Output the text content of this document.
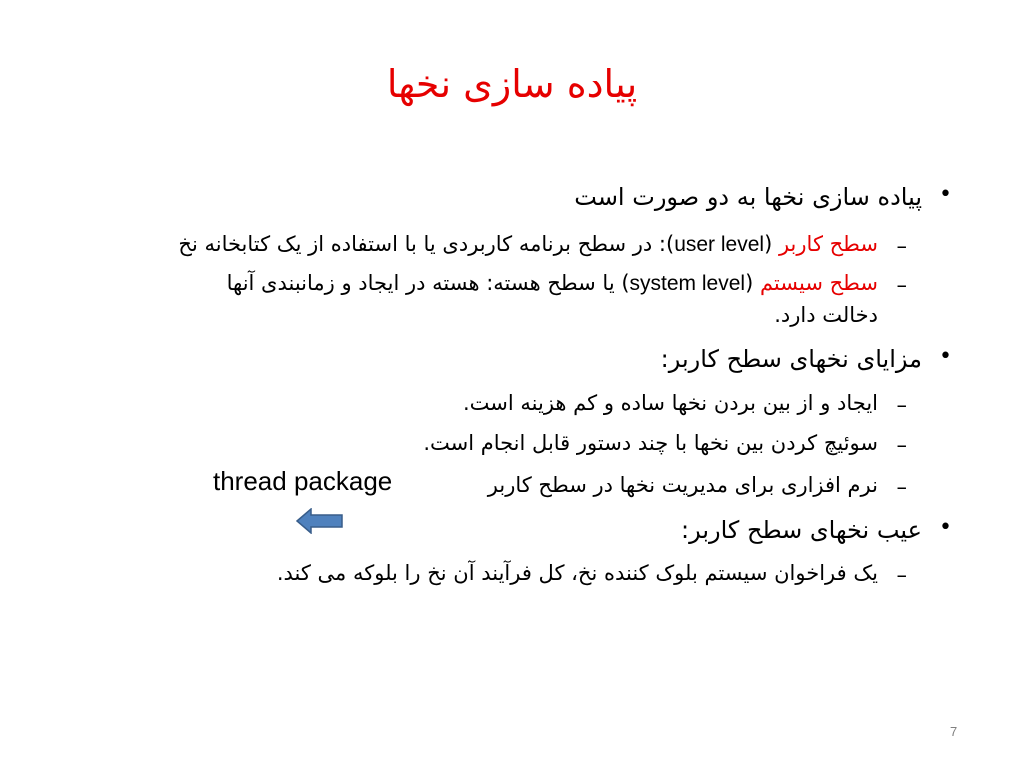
پیاده سازی نخها
•
پیاده سازی نخها به دو صورت است
–
سطح کاربر (user level): در سطح برنامه کاربردی یا با استفاده از یک کتابخانه نخ
–
سطح سیستم (system level) یا سطح هسته: هسته در ایجاد و زمانبندی آنها
دخالت دارد.
•
مزایای نخهای سطح کاربر:
–
ایجاد و از بین بردن نخها ساده و کم هزینه است.
–
سوئیچ کردن بین نخها با چند دستور قابل انجام است.
–
نرم افزاری برای مدیریت نخها در سطح کاربر
thread package
•
عیب نخهای سطح کاربر:
–
یک فراخوان سیستم بلوک کننده نخ، کل فرآیند آن نخ را بلوکه می کند.
7
